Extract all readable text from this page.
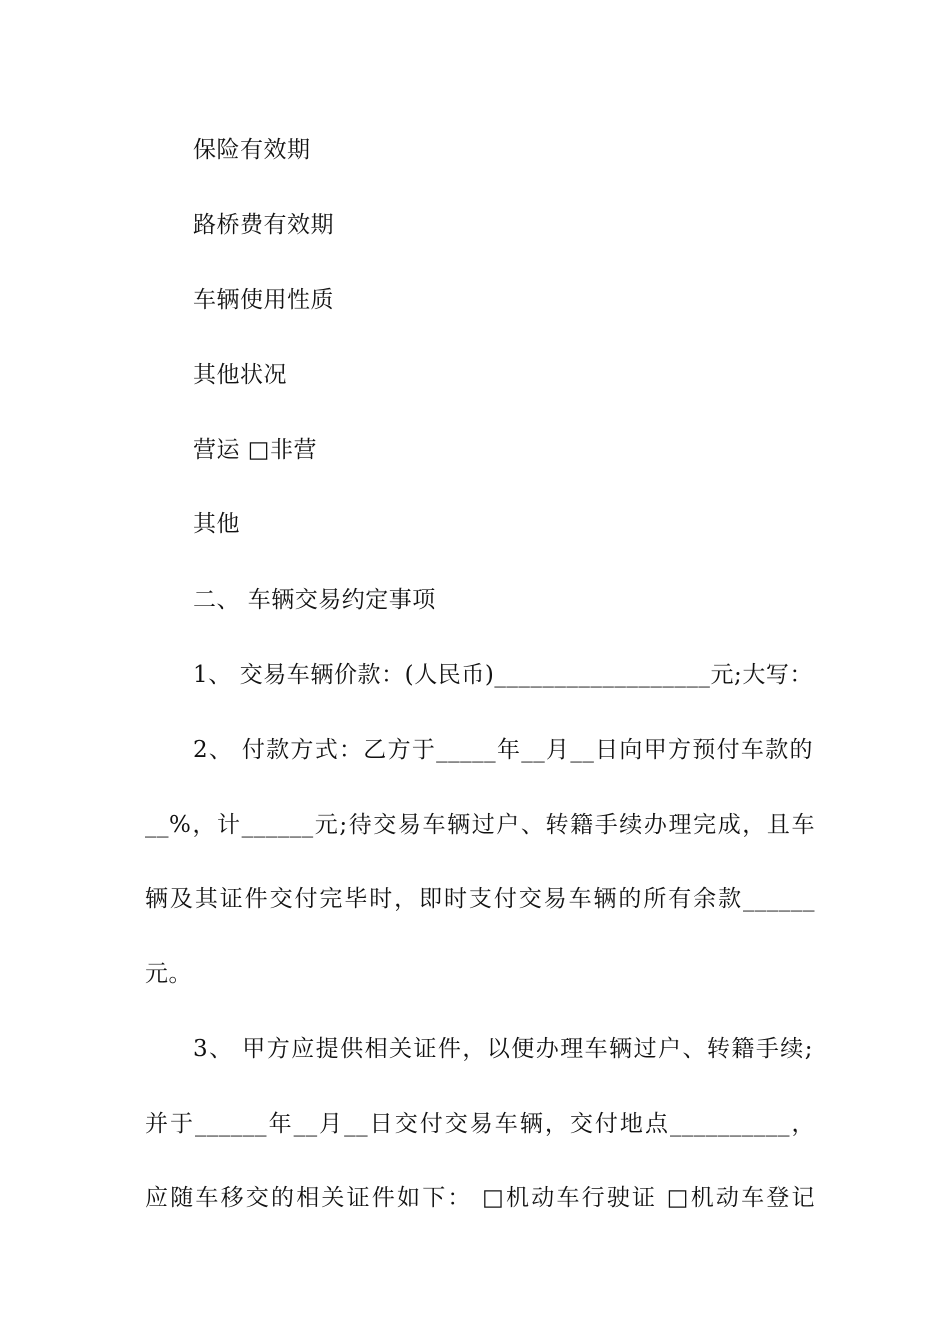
保险有效期
路桥费有效期
车辆使用性质
其他状况
营运 □非营
其他
二、 车辆交易约定事项
1、 交易车辆价款：(人民币)__________________元;大写：
2、 付款方式：乙方于_____年__月__日向甲方预付车款的
__%，计______元;待交易车辆过户、转籍手续办理完成，且车
辆及其证件交付完毕时，即时支付交易车辆的所有余款______
元。
3、 甲方应提供相关证件，以便办理车辆过户、转籍手续;
并于______年__月__日交付交易车辆，交付地点__________，
应随车移交的相关证件如下： □机动车行驶证 □机动车登记
